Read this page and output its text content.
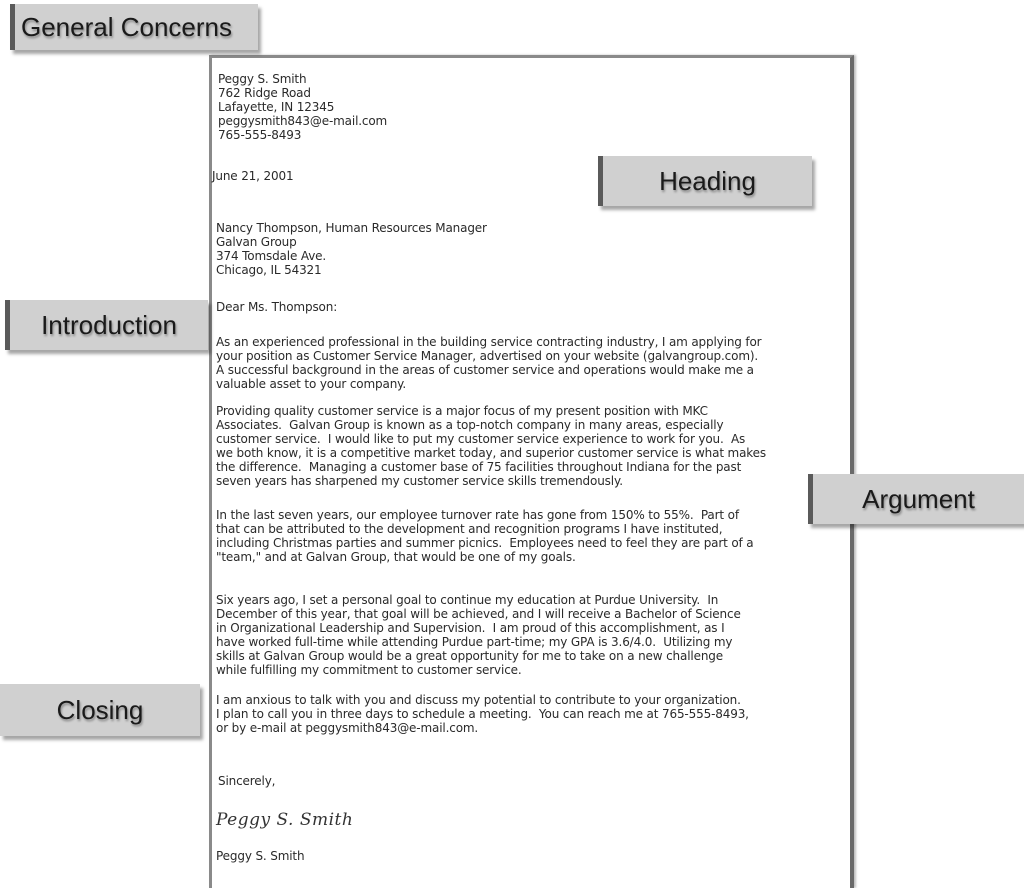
Peggy S. Smith
762 Ridge Road
Lafayette, IN 12345
peggysmith843@e-mail.com
765-555-8493
June 21, 2001
Nancy Thompson, Human Resources Manager
Galvan Group
374 Tomsdale Ave.
Chicago, IL 54321
Dear Ms. Thompson:
As an experienced professional in the building service contracting industry, I am applying for
your position as Customer Service Manager, advertised on your website (galvangroup.com).
A successful background in the areas of customer service and operations would make me a
valuable asset to your company.
Providing quality customer service is a major focus of my present position with MKC
Associates.  Galvan Group is known as a top-notch company in many areas, especially
customer service.  I would like to put my customer service experience to work for you.  As
we both know, it is a competitive market today, and superior customer service is what makes
the difference.  Managing a customer base of 75 facilities throughout Indiana for the past
seven years has sharpened my customer service skills tremendously.
In the last seven years, our employee turnover rate has gone from 150% to 55%.  Part of
that can be attributed to the development and recognition programs I have instituted,
including Christmas parties and summer picnics.  Employees need to feel they are part of a
"team," and at Galvan Group, that would be one of my goals.
Six years ago, I set a personal goal to continue my education at Purdue University.  In
December of this year, that goal will be achieved, and I will receive a Bachelor of Science
in Organizational Leadership and Supervision.  I am proud of this accomplishment, as I
have worked full-time while attending Purdue part-time; my GPA is 3.6/4.0.  Utilizing my
skills at Galvan Group would be a great opportunity for me to take on a new challenge
while fulfilling my commitment to customer service.
I am anxious to talk with you and discuss my potential to contribute to your organization.
I plan to call you in three days to schedule a meeting.  You can reach me at 765-555-8493,
or by e-mail at peggysmith843@e-mail.com.
Sincerely,
Peggy S. Smith
Peggy S. Smith
General Concerns
Heading
Introduction
Argument
Closing
